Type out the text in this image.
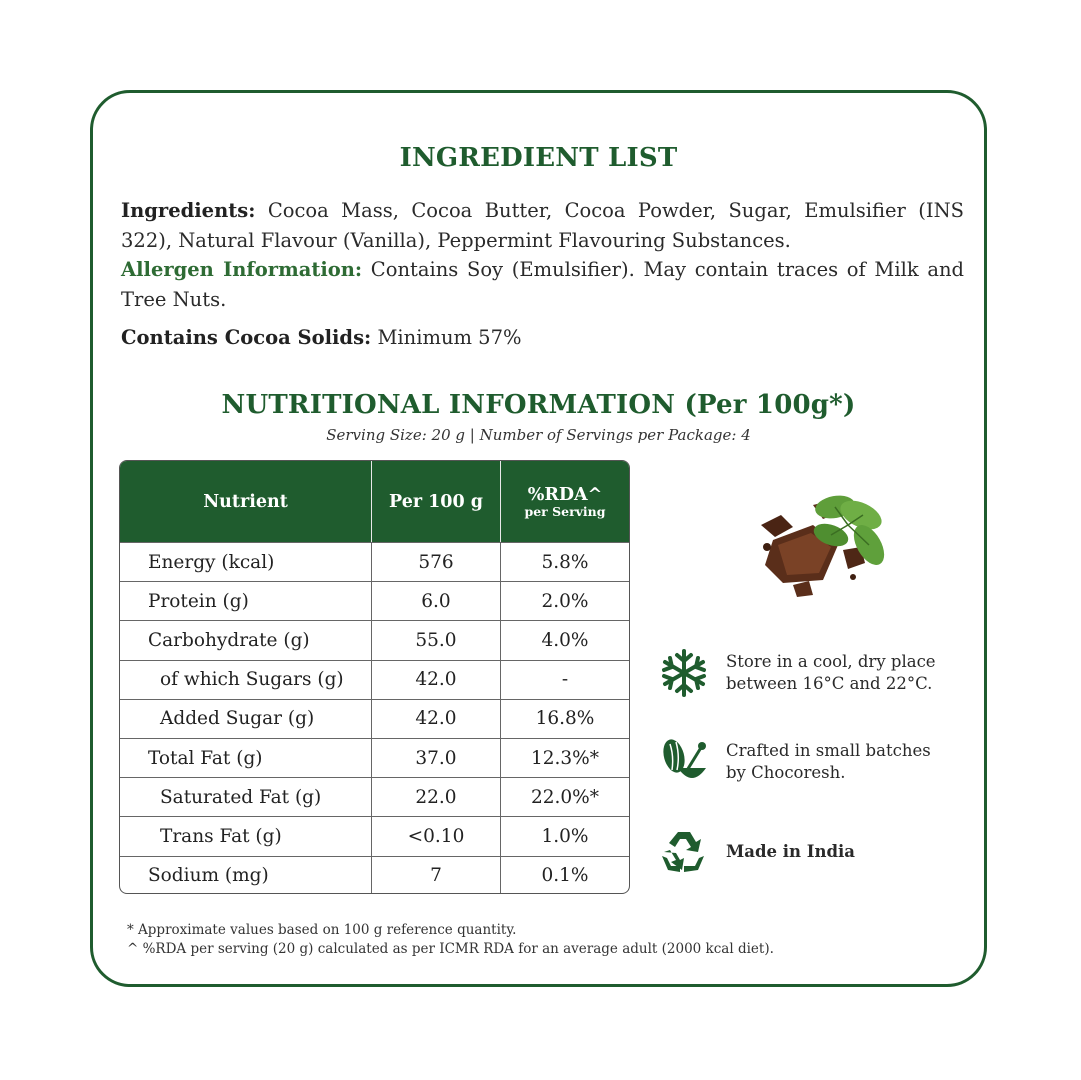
INGREDIENT LIST
Ingredients: Cocoa Mass, Cocoa Butter, Cocoa Powder, Sugar, Emulsifier (INS 322), Natural Flavour (Vanilla), Peppermint Flavouring Substances.
Allergen Information: Contains Soy (Emulsifier). May contain traces of Milk and Tree Nuts.
Contains Cocoa Solids: Minimum 57%
NUTRITIONAL INFORMATION (Per 100g*)
Serving Size: 20 g | Number of Servings per Package: 4
Nutrient	Per 100 g	%RDA^
per Serving
Energy (kcal)	576	5.8%
Protein (g)	6.0	2.0%
Carbohydrate (g)	55.0	4.0%
of which Sugars (g)	42.0	-
Added Sugar (g)	42.0	16.8%
Total Fat (g)	37.0	12.3%*
Saturated Fat (g)	22.0	22.0%*
Trans Fat (g)	<0.10	1.0%
Sodium (mg)	7	0.1%
Store in a cool, dry place
between 16°C and 22°C.
Crafted in small batches
by Chocoresh.
Made in India
* Approximate values based on 100 g reference quantity.
^ %RDA per serving (20 g) calculated as per ICMR RDA for an average adult (2000 kcal diet).
